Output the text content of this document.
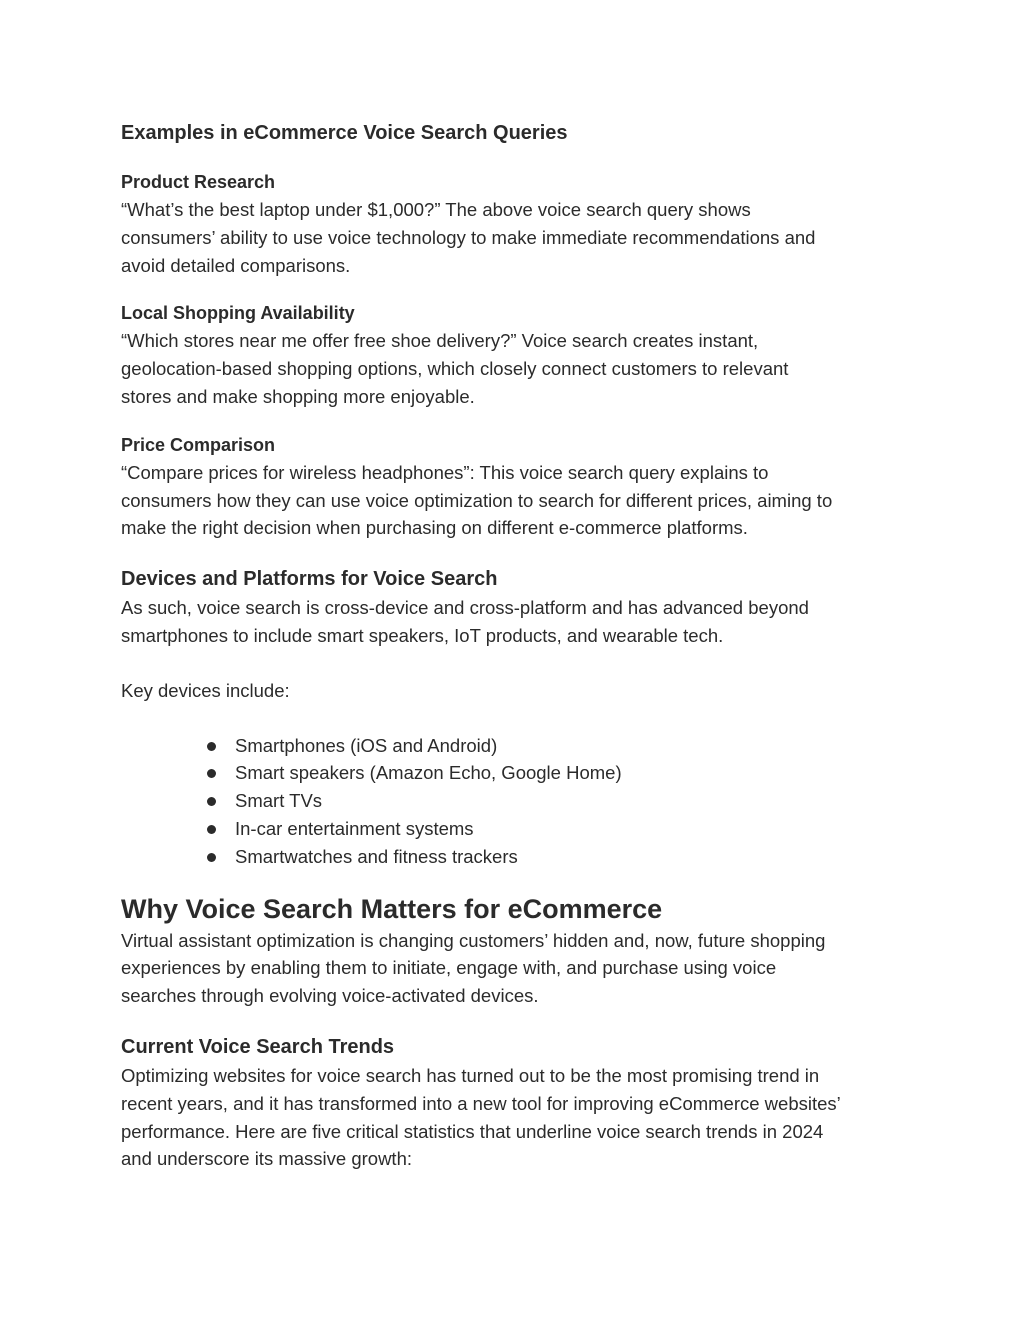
Examples in eCommerce Voice Search Queries
Product Research

“What’s the best laptop under $1,000?” The above voice search query shows
consumers’ ability to use voice technology to make immediate recommendations and
avoid detailed comparisons.

Local Shopping Availability

“Which stores near me offer free shoe delivery?” Voice search creates instant,
geolocation-based shopping options, which closely connect customers to relevant
stores and make shopping more enjoyable.

Price Comparison

“Compare prices for wireless headphones”: This voice search query explains to
consumers how they can use voice optimization to search for different prices, aiming to
make the right decision when purchasing on different e-commerce platforms.

Devices and Platforms for Voice Search

As such, voice search is cross-device and cross-platform and has advanced beyond
smartphones to include smart speakers, IoT products, and wearable tech.

Key devices include:

Smartphones (iOS and Android)
Smart speakers (Amazon Echo, Google Home)
Smart TVs
In-car entertainment systems
Smartwatches and fitness trackers
Why Voice Search Matters for eCommerce

Virtual assistant optimization is changing customers’ hidden and, now, future shopping
experiences by enabling them to initiate, engage with, and purchase using voice
searches through evolving voice-activated devices.

Current Voice Search Trends

Optimizing websites for voice search has turned out to be the most promising trend in
recent years, and it has transformed into a new tool for improving eCommerce websites’
performance. Here are five critical statistics that underline voice search trends in 2024
and underscore its massive growth:
